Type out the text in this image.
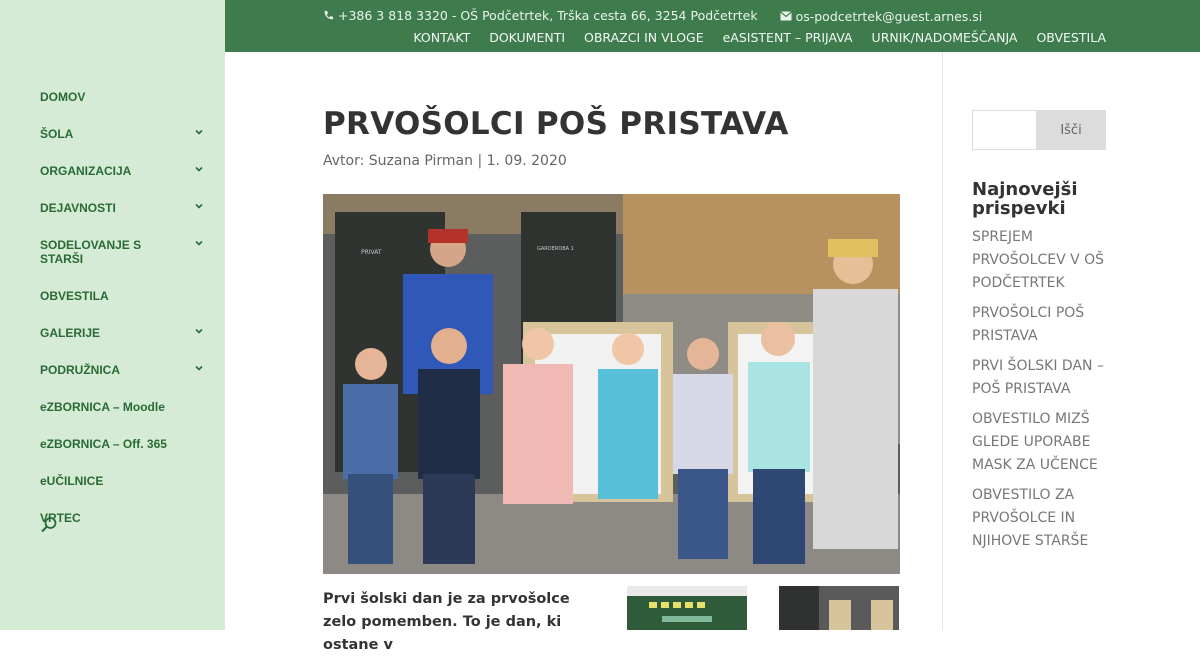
DOMOV
ŠOLA
ORGANIZACIJA
DEJAVNOSTI
SODELOVANJE S STARŠI
OBVESTILA
GALERIJE
PODRUŽNICA
eZBORNICA – Moodle
eZBORNICA – Off. 365
eUČILNICE
VRTEC
+386 3 818 3320 - OŠ Podčetrtek, Trška cesta 66, 3254 Podčetrtek
	os-podcetrtek@guest.arnes.si
KONTAKT DOKUMENTI OBRAZCI IN VLOGE eASISTENT – PRIJAVA URNIK/NADOMEŠČANJA OBVESTILA
PRVOŠOLCI POŠ PRISTAVA
Avtor: Suzana Pirman | 1. 09. 2020
PRIVAT	GARDEROBA 1

Prvi šolski dan je za prvošolce zelo pomemben. To je dan, ki ostane v

Išči
Najnovejši prispevki
SPREJEM PRVOŠOLCEV V OŠ PODČETRTEK
PRVOŠOLCI POŠ PRISTAVA
PRVI ŠOLSKI DAN – POŠ PRISTAVA
OBVESTILO MIZŠ GLEDE UPORABE MASK ZA UČENCE
OBVESTILO ZA PRVOŠOLCE IN NJIHOVE STARŠE
